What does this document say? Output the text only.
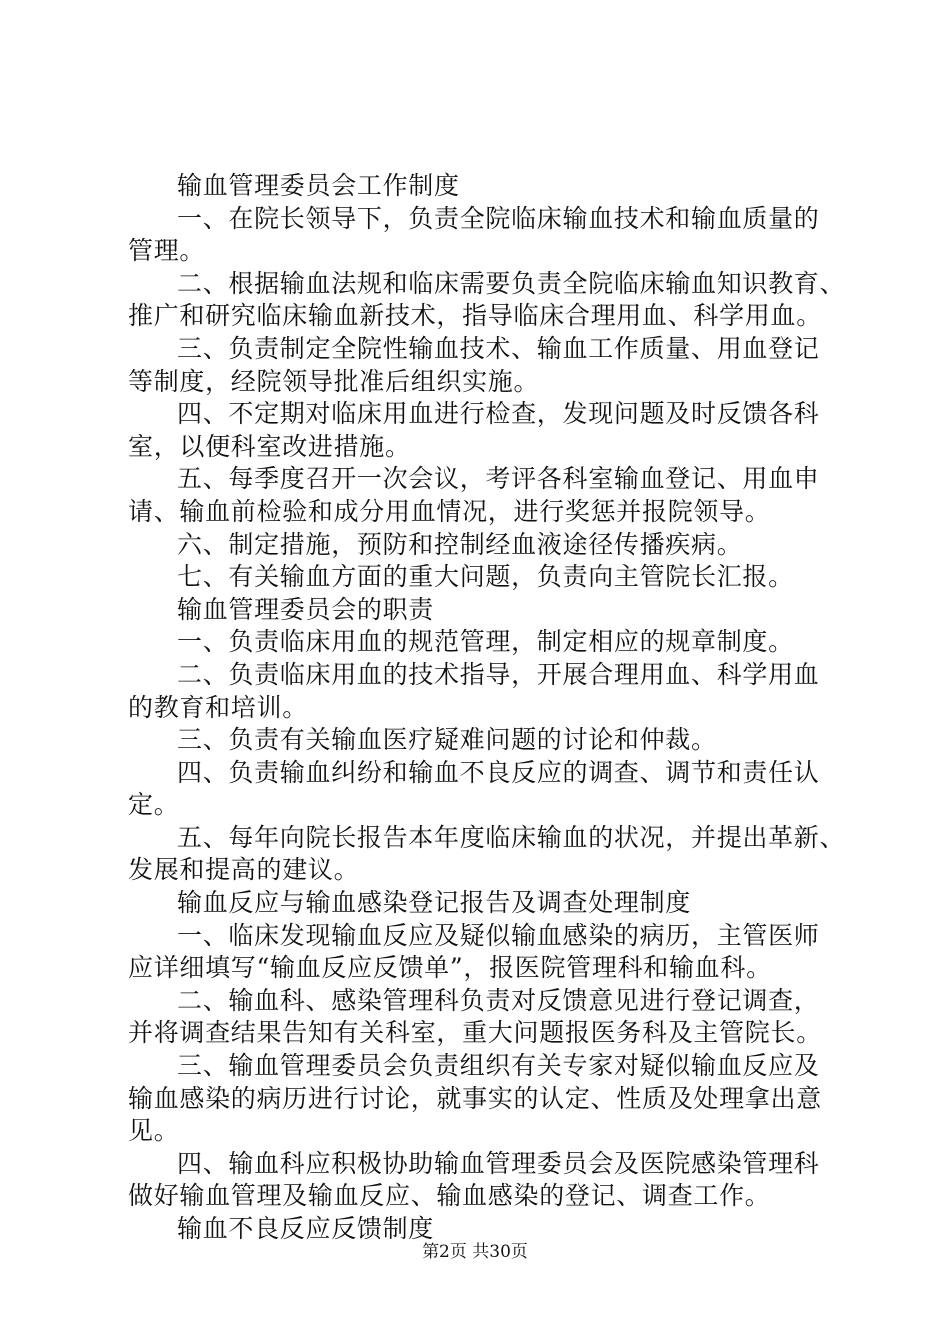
输血管理委员会工作制度
一、在院长领导下，负责全院临床输血技术和输血质量的
管理。
二、根据输血法规和临床需要负责全院临床输血知识教育、
推广和研究临床输血新技术，指导临床合理用血、科学用血。
三、负责制定全院性输血技术、输血工作质量、用血登记
等制度，经院领导批准后组织实施。
四、不定期对临床用血进行检查，发现问题及时反馈各科
室，以便科室改进措施。
五、每季度召开一次会议，考评各科室输血登记、用血申
请、输血前检验和成分用血情况，进行奖惩并报院领导。
六、制定措施，预防和控制经血液途径传播疾病。
七、有关输血方面的重大问题，负责向主管院长汇报。
输血管理委员会的职责
一、负责临床用血的规范管理，制定相应的规章制度。
二、负责临床用血的技术指导，开展合理用血、科学用血
的教育和培训。
三、负责有关输血医疗疑难问题的讨论和仲裁。
四、负责输血纠纷和输血不良反应的调查、调节和责任认
定。
五、每年向院长报告本年度临床输血的状况，并提出革新、
发展和提高的建议。
输血反应与输血感染登记报告及调查处理制度
一、临床发现输血反应及疑似输血感染的病历，主管医师
应详细填写“输血反应反馈单”，报医院管理科和输血科。
二、输血科、感染管理科负责对反馈意见进行登记调查，
并将调查结果告知有关科室，重大问题报医务科及主管院长。
三、输血管理委员会负责组织有关专家对疑似输血反应及
输血感染的病历进行讨论，就事实的认定、性质及处理拿出意
见。
四、输血科应积极协助输血管理委员会及医院感染管理科
做好输血管理及输血反应、输血感染的登记、调查工作。
输血不良反应反馈制度
第2页 共30页
